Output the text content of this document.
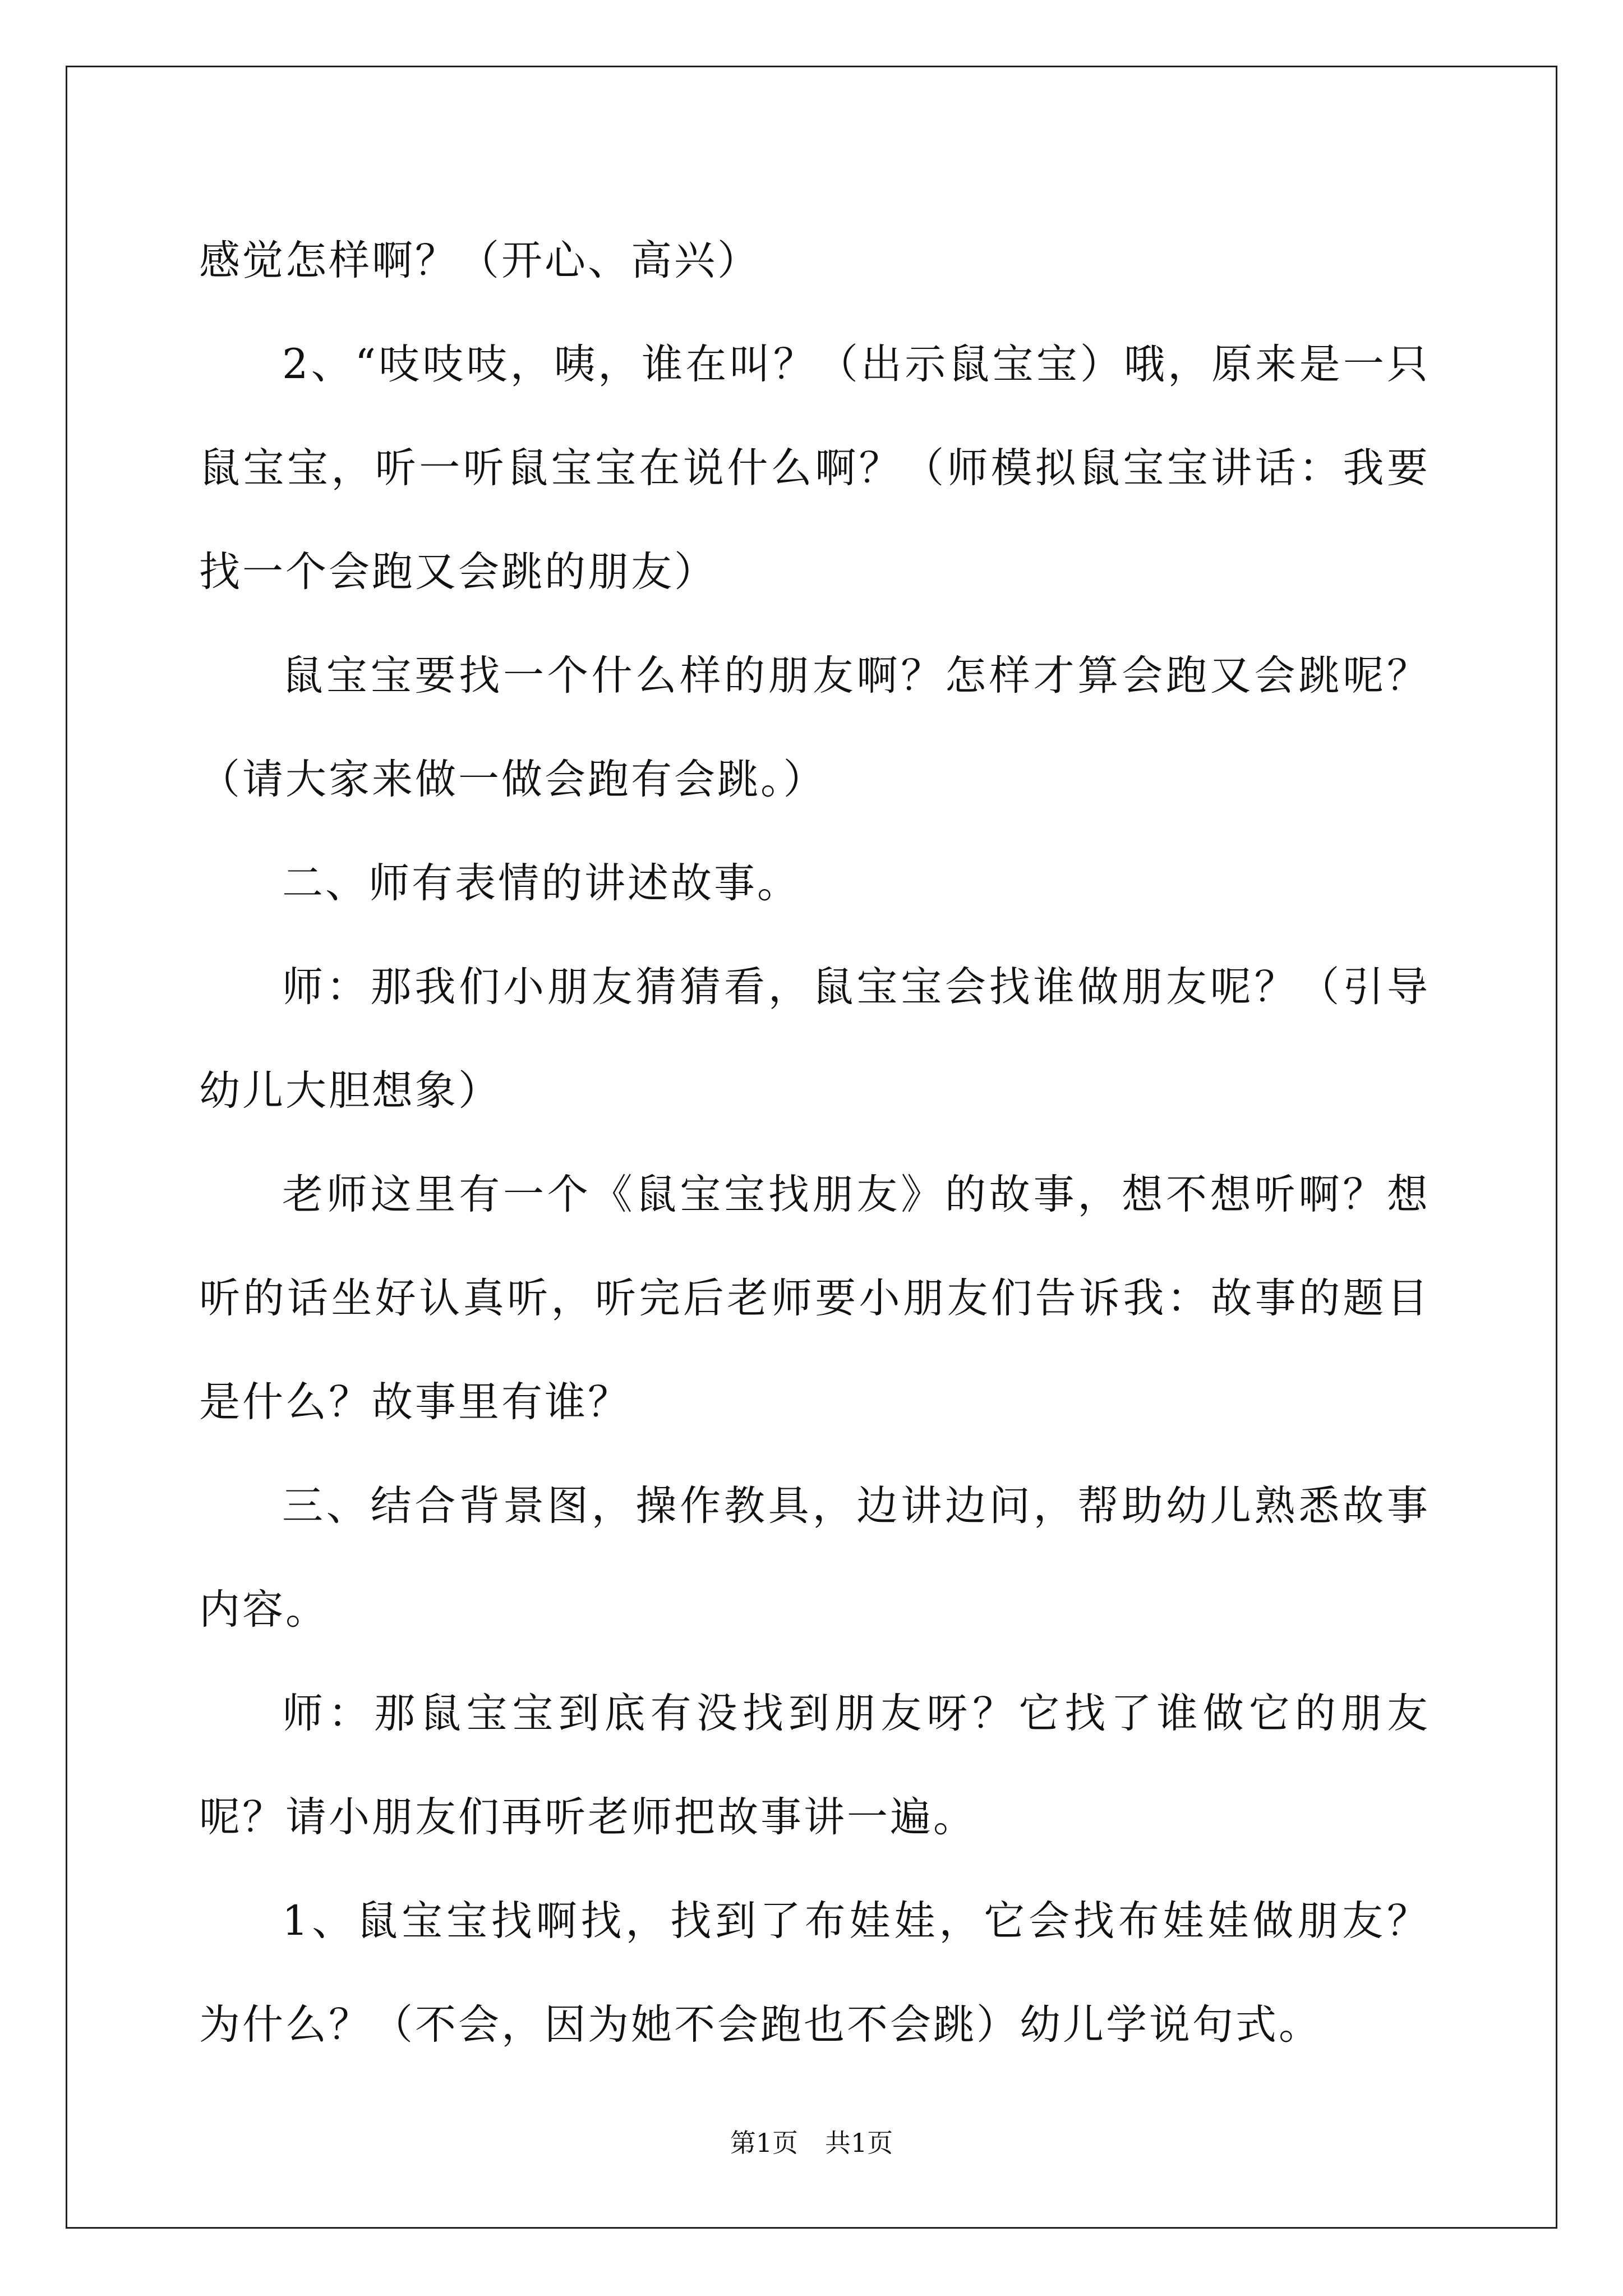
感觉怎样啊？（开心、高兴）

2、“吱吱吱，咦，谁在叫？（出示鼠宝宝）哦，原来是一只鼠宝宝，听一听鼠宝宝在说什么啊？（师模拟鼠宝宝讲话：我要找一个会跑又会跳的朋友）

鼠宝宝要找一个什么样的朋友啊？怎样才算会跑又会跳呢？（请大家来做一做会跑有会跳。）

二、师有表情的讲述故事。

师：那我们小朋友猜猜看，鼠宝宝会找谁做朋友呢？（引导幼儿大胆想象）

老师这里有一个《鼠宝宝找朋友》的故事，想不想听啊？想听的话坐好认真听，听完后老师要小朋友们告诉我：故事的题目是什么？故事里有谁？

三、结合背景图，操作教具，边讲边问，帮助幼儿熟悉故事内容。

师：那鼠宝宝到底有没找到朋友呀？它找了谁做它的朋友呢？请小朋友们再听老师把故事讲一遍。

1、鼠宝宝找啊找，找到了布娃娃，它会找布娃娃做朋友？为什么？（不会，因为她不会跑也不会跳）幼儿学说句式。

第1页 共1页
